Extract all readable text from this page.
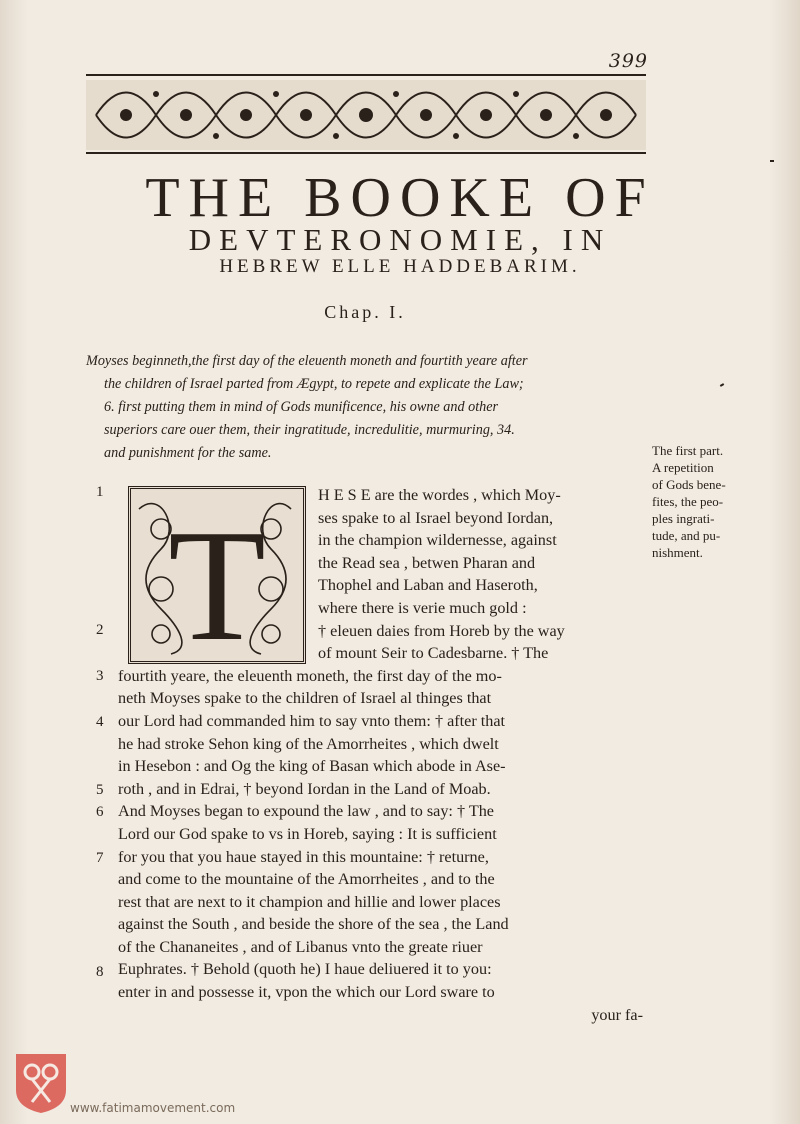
399
THE BOOKE OF
DEVTERONOMIE, IN
HEBREW ELLE HADDEBARIM.
Chap. I.
Moyses beginneth,the first day of the eleuenth moneth and fourtith yeare after
the children of Israel parted from Ægypt, to repete and explicate the Law;
6. first putting them in mind of Gods munificence, his owne and other
superiors care ouer them, their ingratitude, incredulitie, murmuring, 34.
and punishment for the same.	The first part.
A repetition
of Gods bene-
fites, the peo-
ples ingrati-
tude, and pu-
nishment.
T
1
2
3
4
5
6
7
8
H E S E are the wordes , which Moy-
ses spake to al Israel beyond Iordan,
in the champion wildernesse, against
the Read sea , betwen Pharan and
Thophel and Laban and Haseroth,
where there is verie much gold :
† eleuen daies from Horeb by the way
of mount Seir to Cadesbarne. † The
fourtith yeare, the eleuenth moneth, the first day of the mo-
neth Moyses spake to the children of Israel al thinges that
our Lord had commanded him to say vnto them: † after that
he had stroke Sehon king of the Amorrheites , which dwelt
in Hesebon : and Og the king of Basan which abode in Ase-
roth , and in Edrai, † beyond Iordan in the Land of Moab.
And Moyses began to expound the law , and to say: † The
Lord our God spake to vs in Horeb, saying : It is sufficient
for you that you haue stayed in this mountaine: † returne,
and come to the mountaine of the Amorrheites , and to the
rest that are next to it champion and hillie and lower places
against the South , and beside the shore of the sea , the Land
of the Chananeites , and of Libanus vnto the greate riuer
Euphrates. † Behold (quoth he) I haue deliuered it to you:
enter in and possesse it, vpon the which our Lord sware to
your fa-
www.fatimamovement.com
